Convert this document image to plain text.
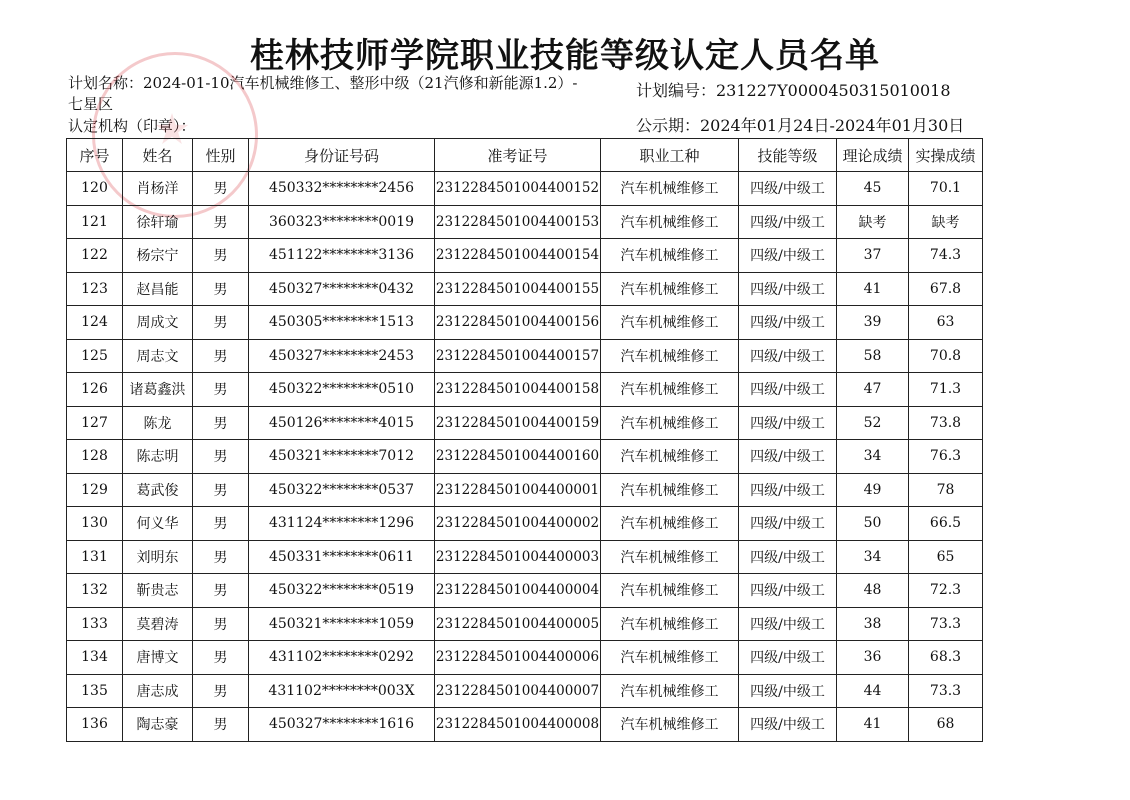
桂林技师学院职业技能等级认定人员名单
计划名称：2024-01-10汽车机械维修工、整形中级（21汽修和新能源1.2）-
七星区
认定机构（印章）：
计划编号：231227Y0000450315010018
公示期：2024年01月24日-2024年01月30日
序号	姓名	性别	身份证号码	准考证号	职业工种	技能等级	理论成绩	实操成绩
120	肖杨洋	男	450332********2456	2312284501004400152	汽车机械维修工	四级/中级工	45	70.1
121	徐轩瑜	男	360323********0019	2312284501004400153	汽车机械维修工	四级/中级工	缺考	缺考
122	杨宗宁	男	451122********3136	2312284501004400154	汽车机械维修工	四级/中级工	37	74.3
123	赵昌能	男	450327********0432	2312284501004400155	汽车机械维修工	四级/中级工	41	67.8
124	周成文	男	450305********1513	2312284501004400156	汽车机械维修工	四级/中级工	39	63
125	周志文	男	450327********2453	2312284501004400157	汽车机械维修工	四级/中级工	58	70.8
126	诸葛鑫洪	男	450322********0510	2312284501004400158	汽车机械维修工	四级/中级工	47	71.3
127	陈龙	男	450126********4015	2312284501004400159	汽车机械维修工	四级/中级工	52	73.8
128	陈志明	男	450321********7012	2312284501004400160	汽车机械维修工	四级/中级工	34	76.3
129	葛武俊	男	450322********0537	2312284501004400001	汽车机械维修工	四级/中级工	49	78
130	何义华	男	431124********1296	2312284501004400002	汽车机械维修工	四级/中级工	50	66.5
131	刘明东	男	450331********0611	2312284501004400003	汽车机械维修工	四级/中级工	34	65
132	靳贵志	男	450322********0519	2312284501004400004	汽车机械维修工	四级/中级工	48	72.3
133	莫碧涛	男	450321********1059	2312284501004400005	汽车机械维修工	四级/中级工	38	73.3
134	唐博文	男	431102********0292	2312284501004400006	汽车机械维修工	四级/中级工	36	68.3
135	唐志成	男	431102********003X	2312284501004400007	汽车机械维修工	四级/中级工	44	73.3
136	陶志豪	男	450327********1616	2312284501004400008	汽车机械维修工	四级/中级工	41	68
